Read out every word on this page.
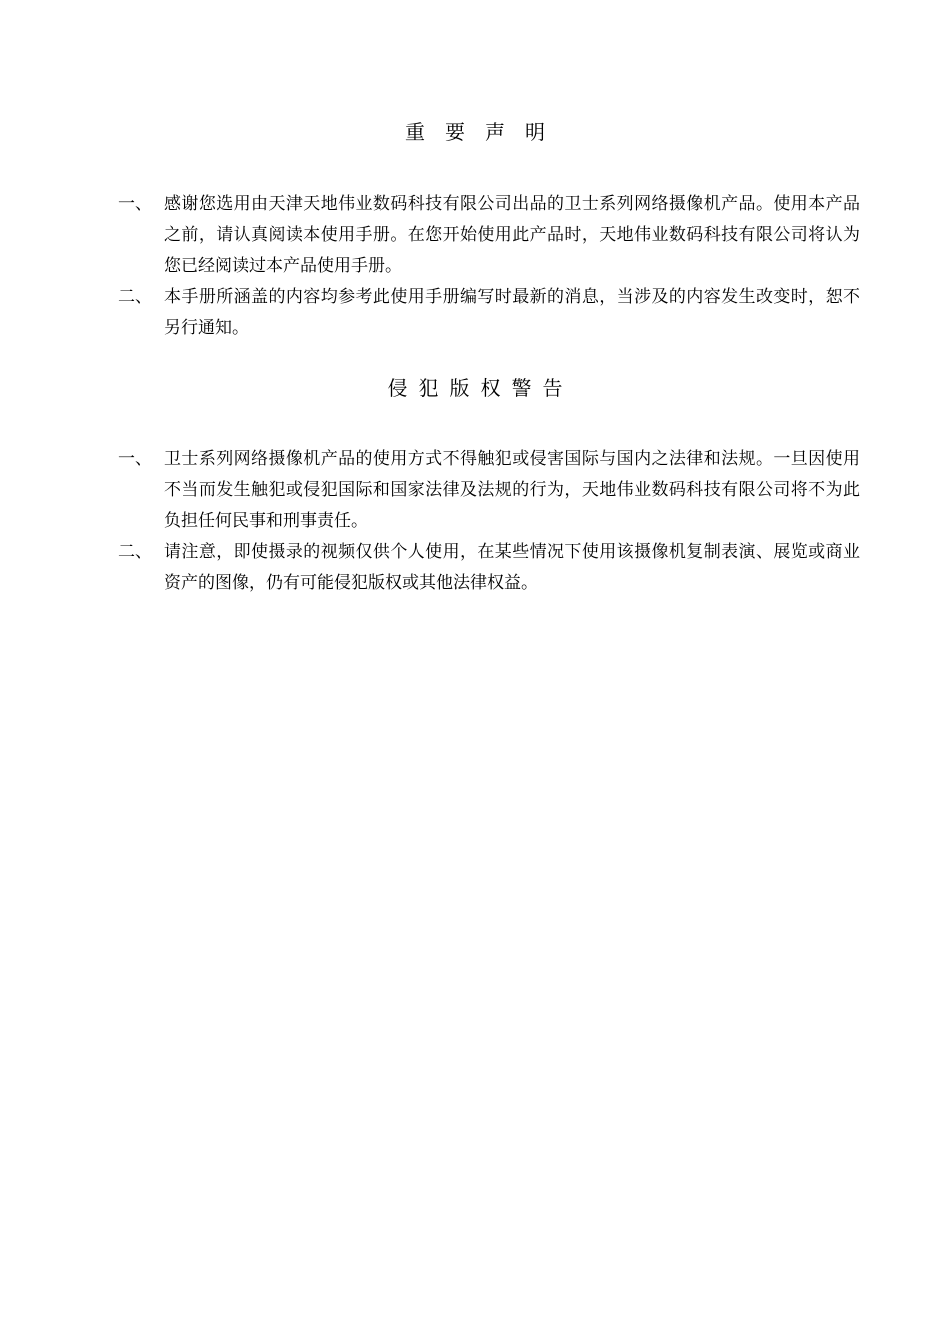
重要声明
一、 感谢您选用由天津天地伟业数码科技有限公司出品的卫士系列网络摄像机产品。使用本产品之前，请认真阅读本使用手册。在您开始使用此产品时，天地伟业数码科技有限公司将认为您已经阅读过本产品使用手册。
二、 本手册所涵盖的内容均参考此使用手册编写时最新的消息，当涉及的内容发生改变时，恕不另行通知。
侵犯版权警告
一、 卫士系列网络摄像机产品的使用方式不得触犯或侵害国际与国内之法律和法规。一旦因使用不当而发生触犯或侵犯国际和国家法律及法规的行为，天地伟业数码科技有限公司将不为此负担任何民事和刑事责任。
二、 请注意，即使摄录的视频仅供个人使用，在某些情况下使用该摄像机复制表演、展览或商业资产的图像，仍有可能侵犯版权或其他法律权益。
